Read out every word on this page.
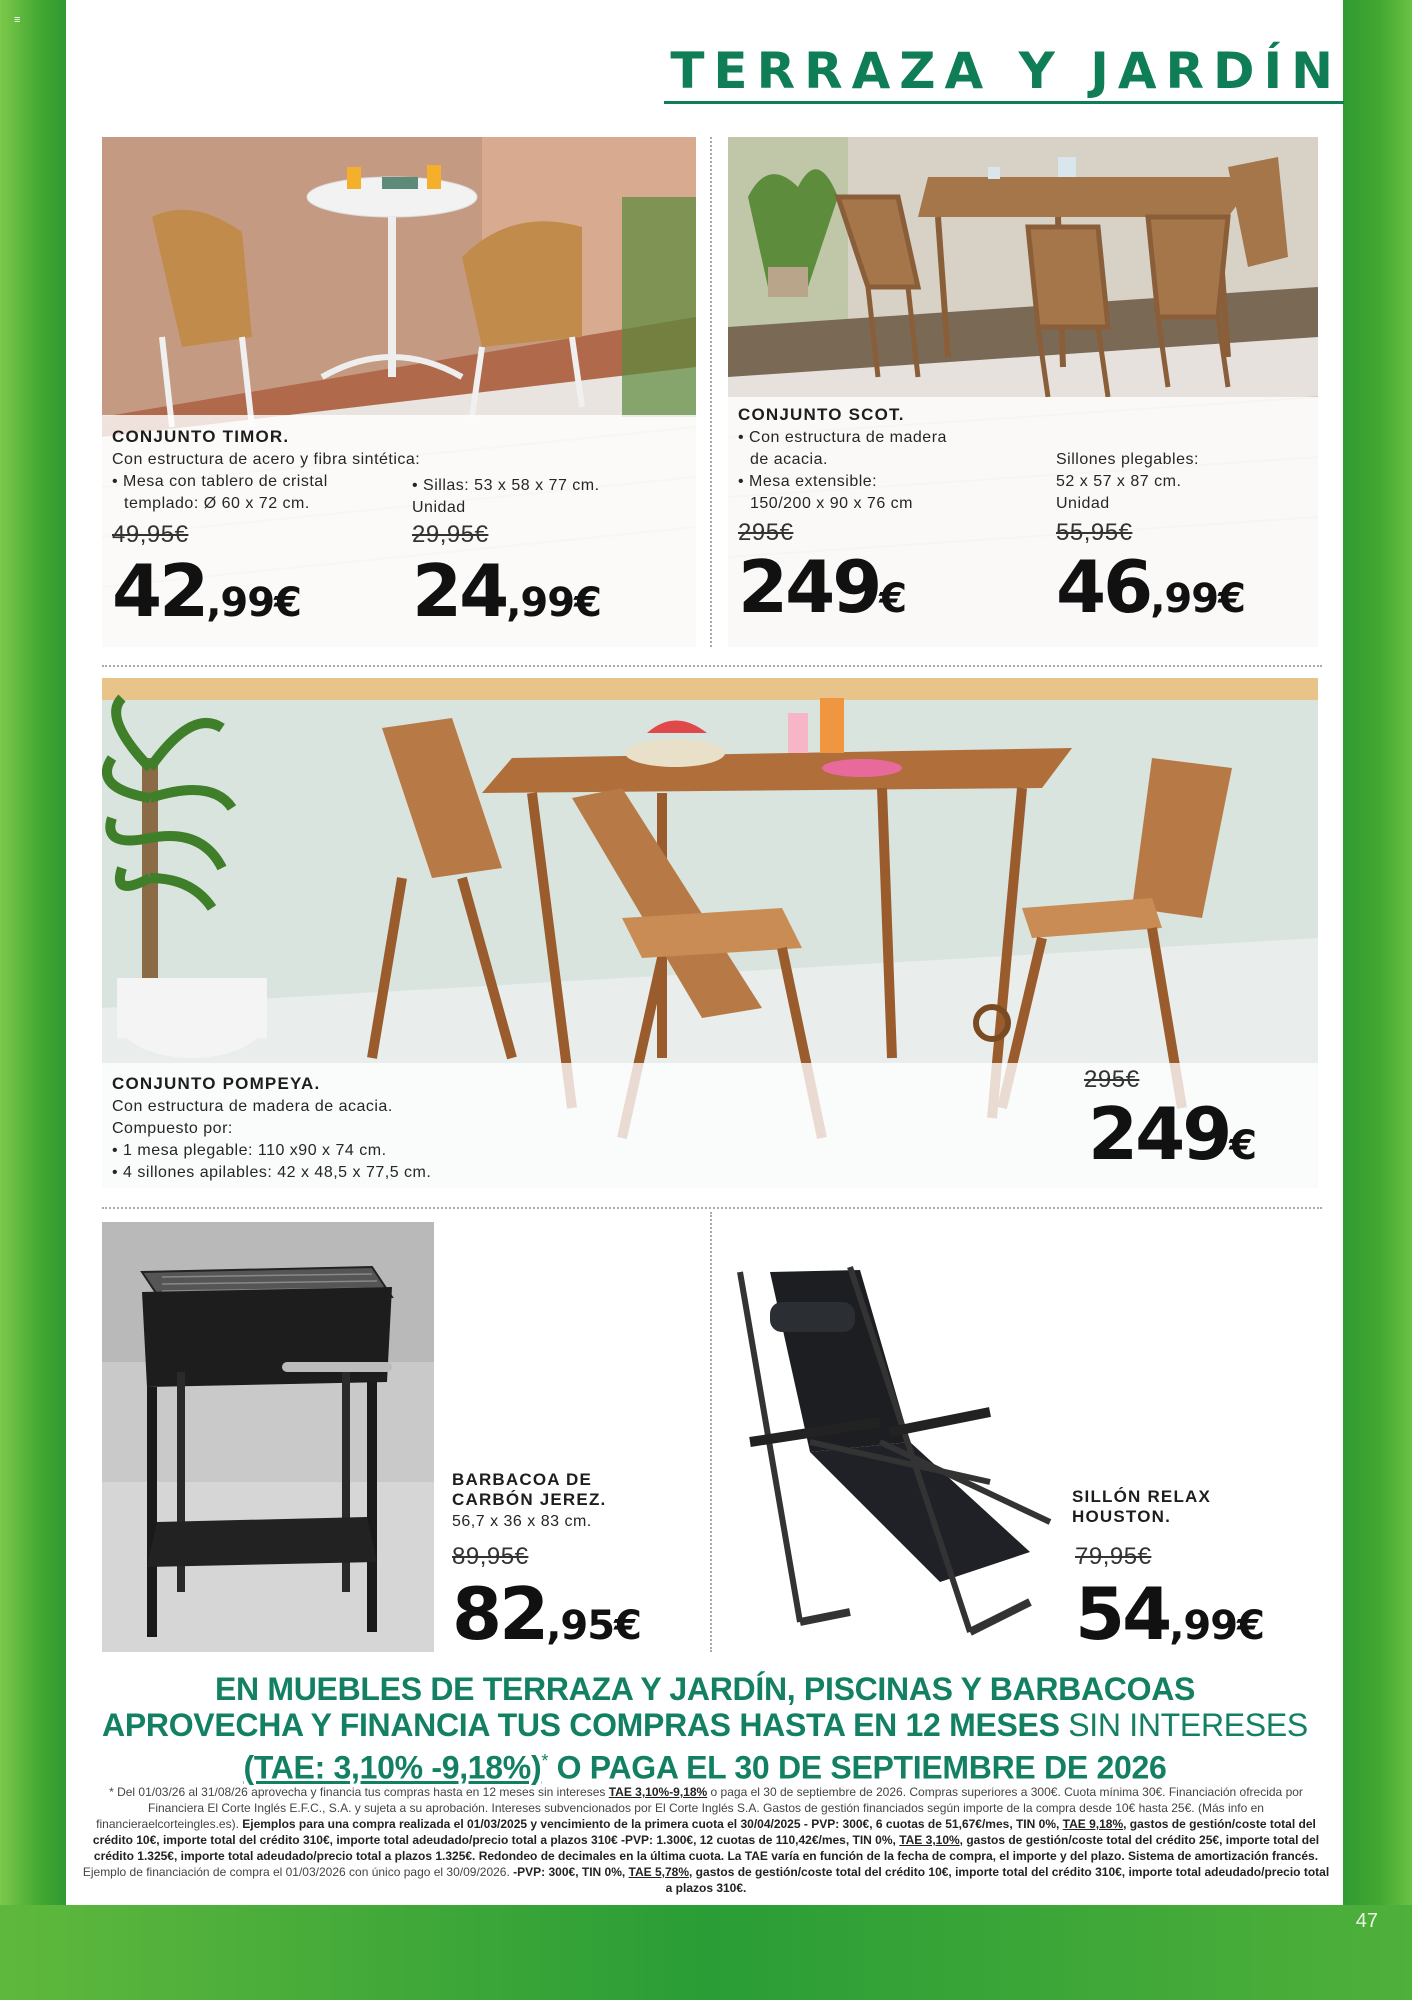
≡
47
TERRAZA Y JARDÍN
CONJUNTO TIMOR.
Con estructura de acero y fibra sintética:
• Mesa con tablero de cristal
templado: Ø 60 x 72 cm.
• Sillas: 53 x 58 x 77 cm.
Unidad
49,95€
42,99€
29,95€
24,99€
CONJUNTO SCOT.
• Con estructura de madera
de acacia.
• Mesa extensible:
150/200 x 90 x 76 cm
Sillones plegables:
52 x 57 x 87 cm.
Unidad
295€
249€
55,95€
46,99€
CONJUNTO POMPEYA.
Con estructura de madera de acacia.
Compuesto por:
• 1 mesa plegable: 110 x90 x 74 cm.
• 4 sillones apilables: 42 x 48,5 x 77,5 cm.
295€
249€
BARBACOA DE
CARBÓN JEREZ.
56,7 x 36 x 83 cm.
89,95€
82,95€
SILLÓN RELAX
HOUSTON.
79,95€
54,99€
EN MUEBLES DE TERRAZA Y JARDÍN, PISCINAS Y BARBACOAS
APROVECHA Y FINANCIA TUS COMPRAS HASTA EN 12 MESES SIN INTERESES
(TAE: 3,10% -9,18%)* O PAGA EL 30 DE SEPTIEMBRE DE 2026
* Del 01/03/26 al 31/08/26 aprovecha y financia tus compras hasta en 12 meses sin intereses TAE 3,10%-9,18% o paga el 30 de septiembre de 2026. Compras superiores a 300€. Cuota mínima 30€. Financiación ofrecida por Financiera El Corte Inglés E.F.C., S.A. y sujeta a su aprobación. Intereses subvencionados por El Corte Inglés S.A. Gastos de gestión financiados según importe de la compra desde 10€ hasta 25€. (Más info en financieraelcorteingles.es). Ejemplos para una compra realizada el 01/03/2025 y vencimiento de la primera cuota el 30/04/2025 - PVP: 300€, 6 cuotas de 51,67€/mes, TIN 0%, TAE 9,18%, gastos de gestión/coste total del crédito 10€, importe total del crédito 310€, importe total adeudado/precio total a plazos 310€ -PVP: 1.300€, 12 cuotas de 110,42€/mes, TIN 0%, TAE 3,10%, gastos de gestión/coste total del crédito 25€, importe total del crédito 1.325€, importe total adeudado/precio total a plazos 1.325€. Redondeo de decimales en la última cuota. La TAE varía en función de la fecha de compra, el importe y del plazo. Sistema de amortización francés. Ejemplo de financiación de compra el 01/03/2026 con único pago el 30/09/2026. -PVP: 300€, TIN 0%, TAE 5,78%, gastos de gestión/coste total del crédito 10€, importe total del crédito 310€, importe total adeudado/precio total a plazos 310€.
